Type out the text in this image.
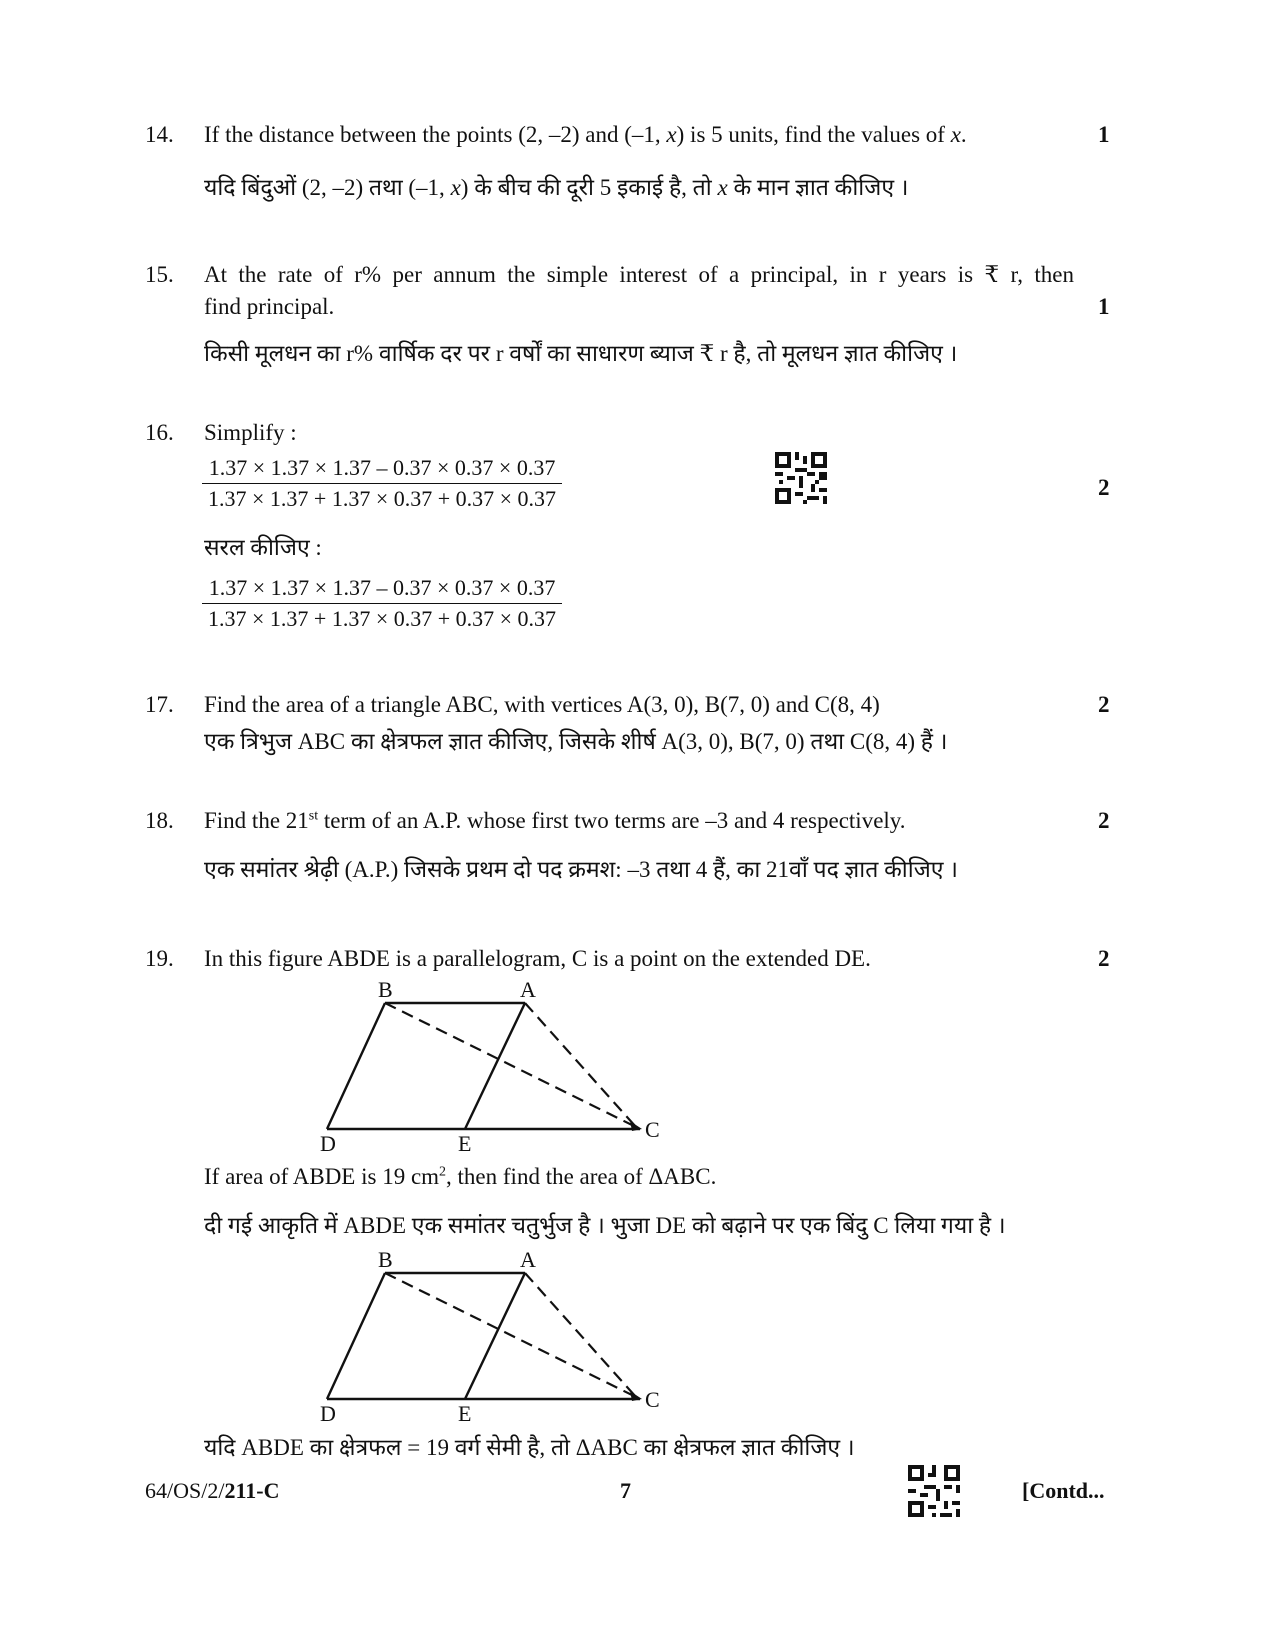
14. If the distance between the points (2, –2) and (–1, x) is 5 units, find the values of x.	1
यदि बिंदुओं (2, –2) तथा (–1, x) के बीच की दूरी 5 इकाई है, तो x के मान ज्ञात कीजिए ।
15. At the rate of r% per annum the simple interest of a principal, in r years is ₹ r, then
find principal.	1
किसी मूलधन का r% वार्षिक दर पर r वर्षों का साधारण ब्याज ₹ r है, तो मूलधन ज्ञात कीजिए ।
16. Simplify :
$\frac{1.37 \times 1.37 \times 1.37 - 0.37 \times 0.37 \times 0.37}{1.37 \times 1.37 + 1.37 \times 0.37 + 0.37 \times 0.37}$	2
सरल कीजिए :
$\frac{1.37 \times 1.37 \times 1.37 - 0.37 \times 0.37 \times 0.37}{1.37 \times 1.37 + 1.37 \times 0.37 + 0.37 \times 0.37}$
17. Find the area of a triangle ABC, with vertices A(3, 0), B(7, 0) and C(8, 4)	2
एक त्रिभुज ABC का क्षेत्रफल ज्ञात कीजिए, जिसके शीर्ष A(3, 0), B(7, 0) तथा C(8, 4) हैं ।
18. Find the 21st term of an A.P. whose first two terms are –3 and 4 respectively.	2
एक समांतर श्रेढ़ी (A.P.) जिसके प्रथम दो पद क्रमश: –3 तथा 4 हैं, का 21वाँ पद ज्ञात कीजिए ।
19. In this figure ABDE is a parallelogram, C is a point on the extended DE.	2
B	A
C
D	E
If area of ABDE is 19 $cm^2$, then find the area of ΔABC.
दी गई आकृति में ABDE एक समांतर चतुर्भुज है । भुजा DE को बढ़ाने पर एक बिंदु C लिया गया है ।
B	A
C
D	E
यदि ABDE का क्षेत्रफल = 19 वर्ग सेमी है, तो ΔABC का क्षेत्रफल ज्ञात कीजिए ।
64/OS/2/211-C	7	[Contd...
